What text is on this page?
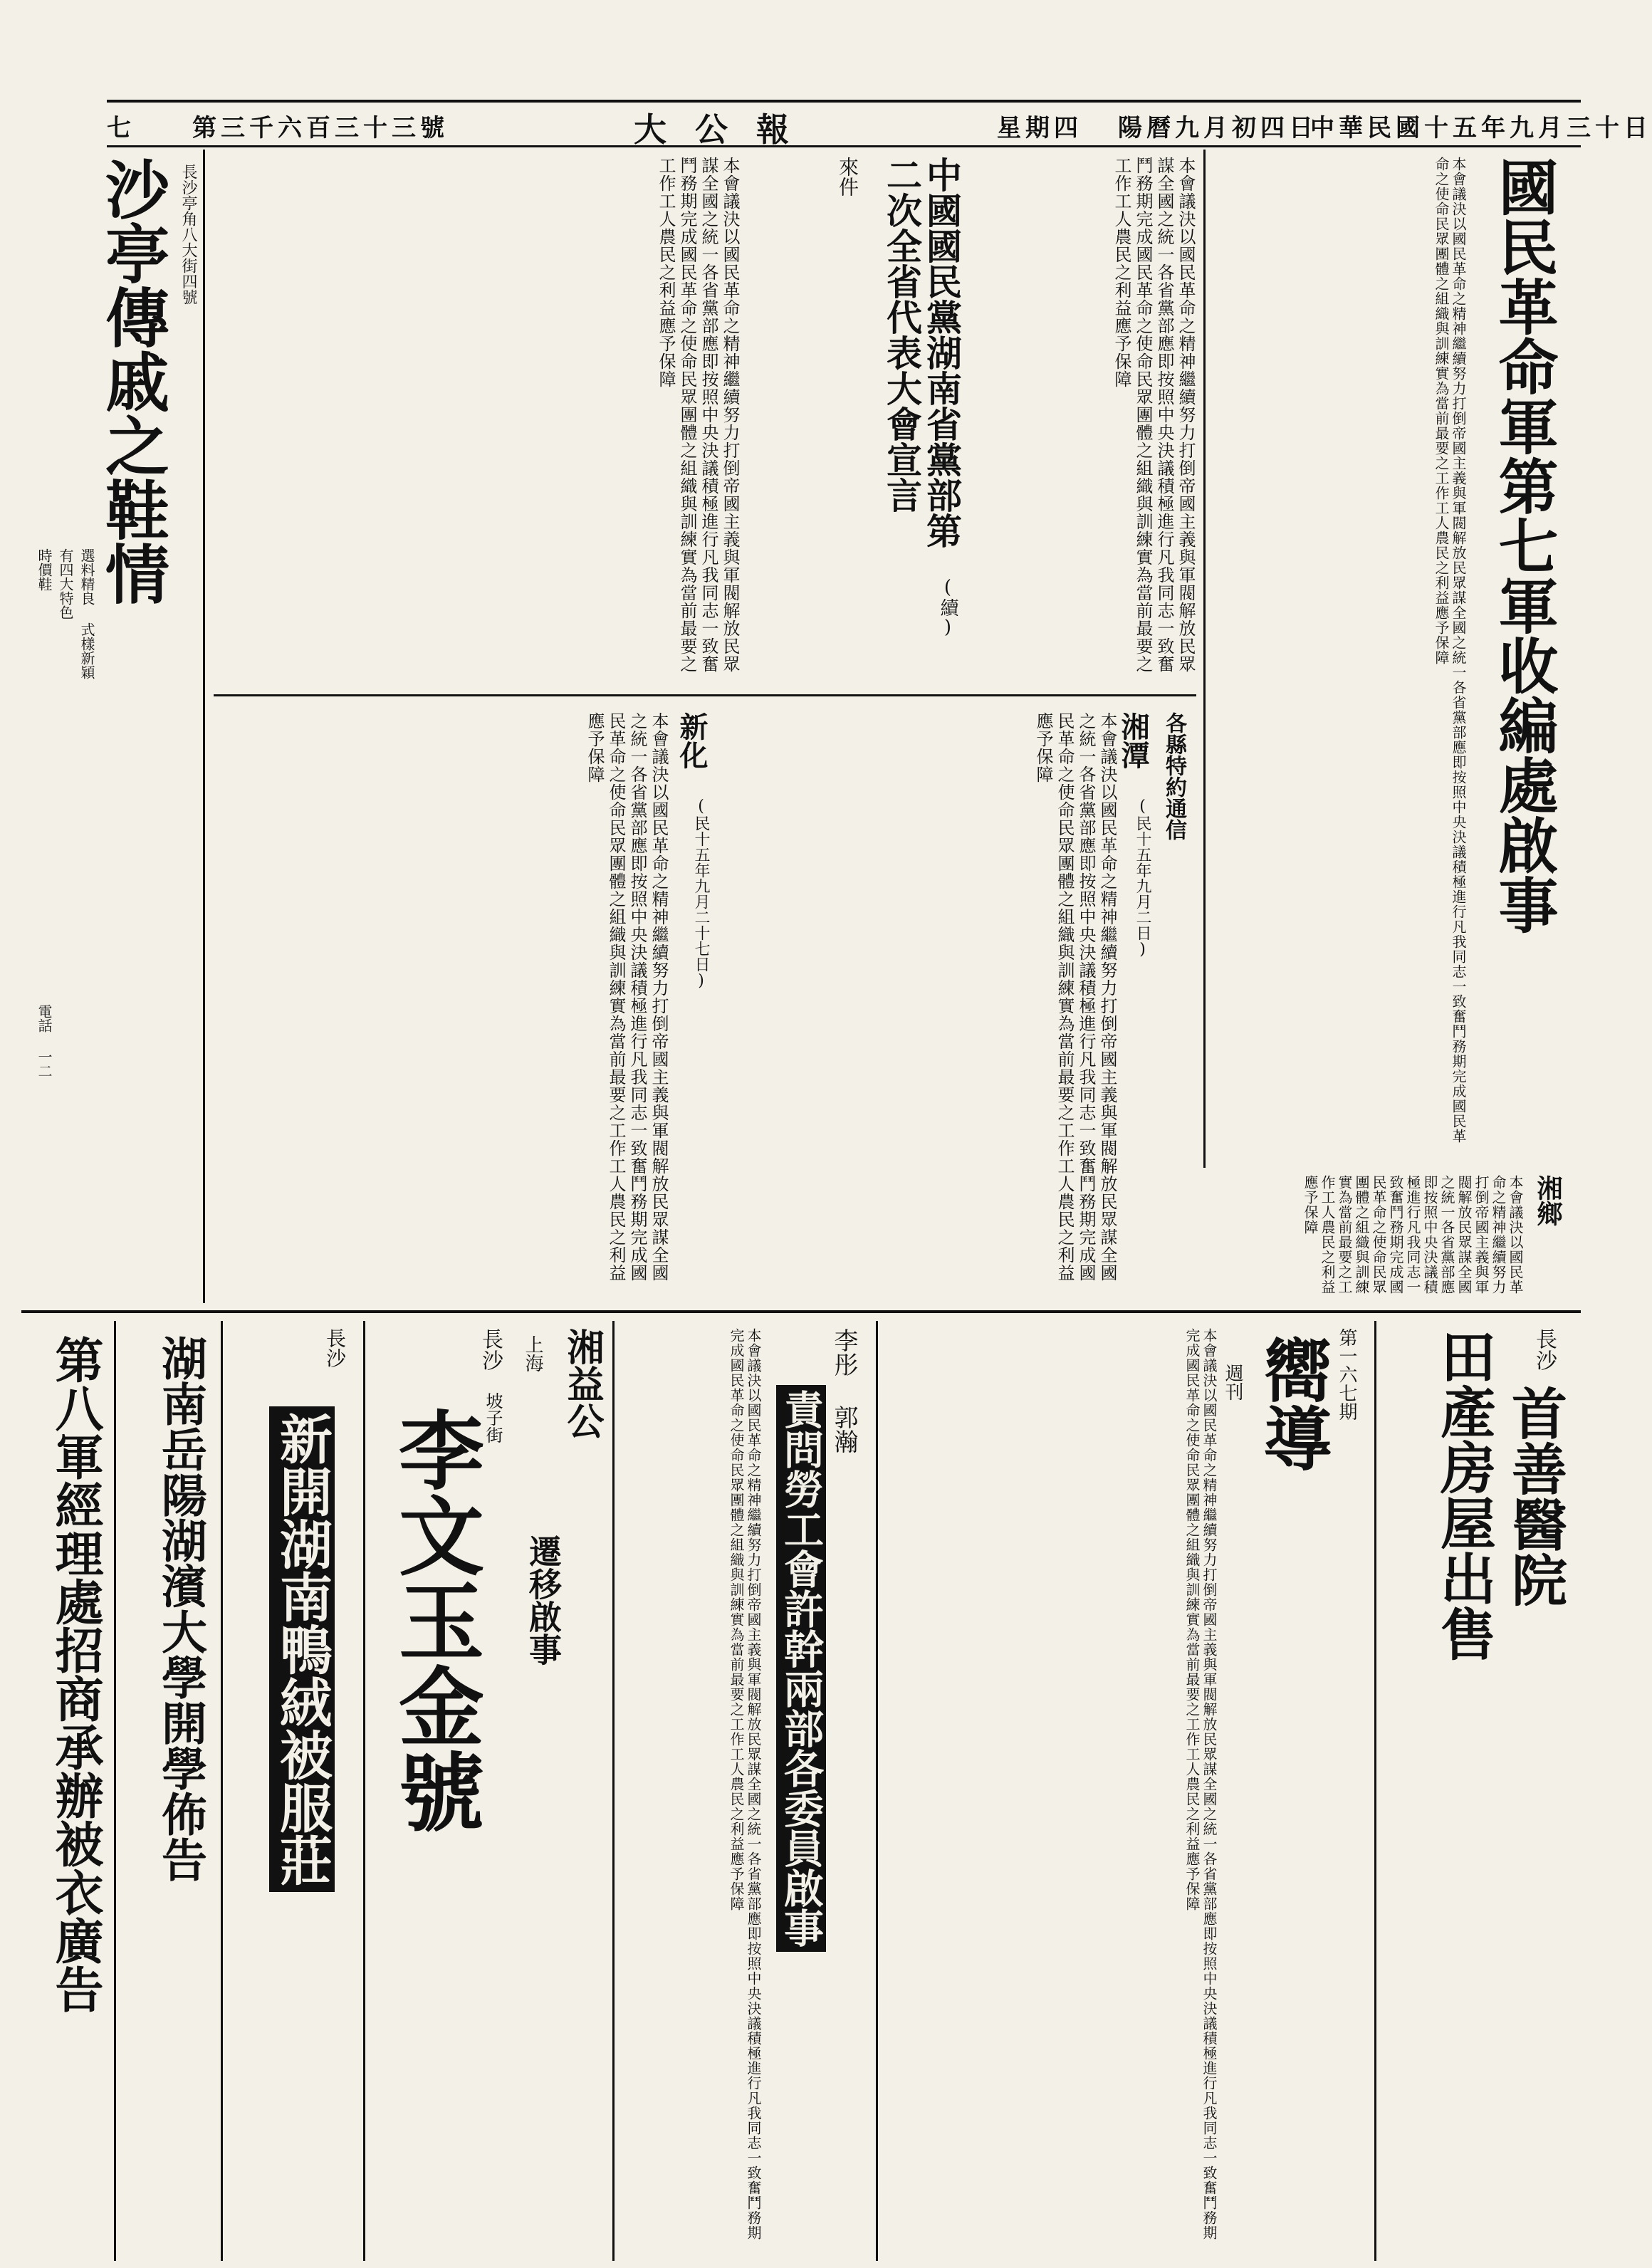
七 第三千六百三十三號	大公報	星期四 陽曆九月初四日
中華民國十五年九月三十日
沙亭傳戚之鞋情 長沙亭角八大街四號
有四大特色
時價鞋 選料精良 式樣新穎
電話 一二
國民革命軍第七軍收編處啟事
本會議決以國民革命之精神繼續努力打倒帝國主義與軍閥解放民眾謀全國之統一各省黨部應即按照中央決議積極進行凡我同志一致奮鬥務期完成國民革命之使命民眾團體之組織與訓練實為當前最要之工作工人農民之利益應予保障
中國國民黨湖南省黨部第二次全省代表大會宣言
來件
(續)	本會議決以國民革命之精神繼續努力打倒帝國主義與軍閥解放民眾謀全國之統一各省黨部應即按照中央決議積極進行凡我同志一致奮鬥務期完成國民革命之使命民眾團體之組織與訓練實為當前最要之工作工人農民之利益應予保障
本會議決以國民革命之精神繼續努力打倒帝國主義與軍閥解放民眾謀全國之統一各省黨部應即按照中央決議積極進行凡我同志一致奮鬥務期完成國民革命之使命民眾團體之組織與訓練實為當前最要之工作工人農民之利益應予保障
各縣特約通信
湘潭
(民十五年九月二日)
本會議決以國民革命之精神繼續努力打倒帝國主義與軍閥解放民眾謀全國之統一各省黨部應即按照中央決議積極進行凡我同志一致奮鬥務期完成國民革命之使命民眾團體之組織與訓練實為當前最要之工作工人農民之利益應予保障
新化
(民十五年九月二十七日)
本會議決以國民革命之精神繼續努力打倒帝國主義與軍閥解放民眾謀全國之統一各省黨部應即按照中央決議積極進行凡我同志一致奮鬥務期完成國民革命之使命民眾團體之組織與訓練實為當前最要之工作工人農民之利益應予保障
湘鄉
本會議決以國民革命之精神繼續努力打倒帝國主義與軍閥解放民眾謀全國之統一各省黨部應即按照中央決議積極進行凡我同志一致奮鬥務期完成國民革命之使命民眾團體之組織與訓練實為當前最要之工作工人農民之利益應予保障
長沙
首善醫院
田產房屋出售
第一六七期
嚮導
週刊
本會議決以國民革命之精神繼續努力打倒帝國主義與軍閥解放民眾謀全國之統一各省黨部應即按照中央決議積極進行凡我同志一致奮鬥務期完成國民革命之使命民眾團體之組織與訓練實為當前最要之工作工人農民之利益應予保障
李彤 郭瀚
責問勞工會許幹兩部各委員啟事
本會議決以國民革命之精神繼續努力打倒帝國主義與軍閥解放民眾謀全國之統一各省黨部應即按照中央決議積極進行凡我同志一致奮鬥務期完成國民革命之使命民眾團體之組織與訓練實為當前最要之工作工人農民之利益應予保障
湘益公
上海
遷移啟事
長沙
坡子街
李文玉金號
長沙
新開湖南鴨絨被服莊
湖南岳陽湖濱大學開學佈告
第八軍經理處招商承辦被衣廣告
